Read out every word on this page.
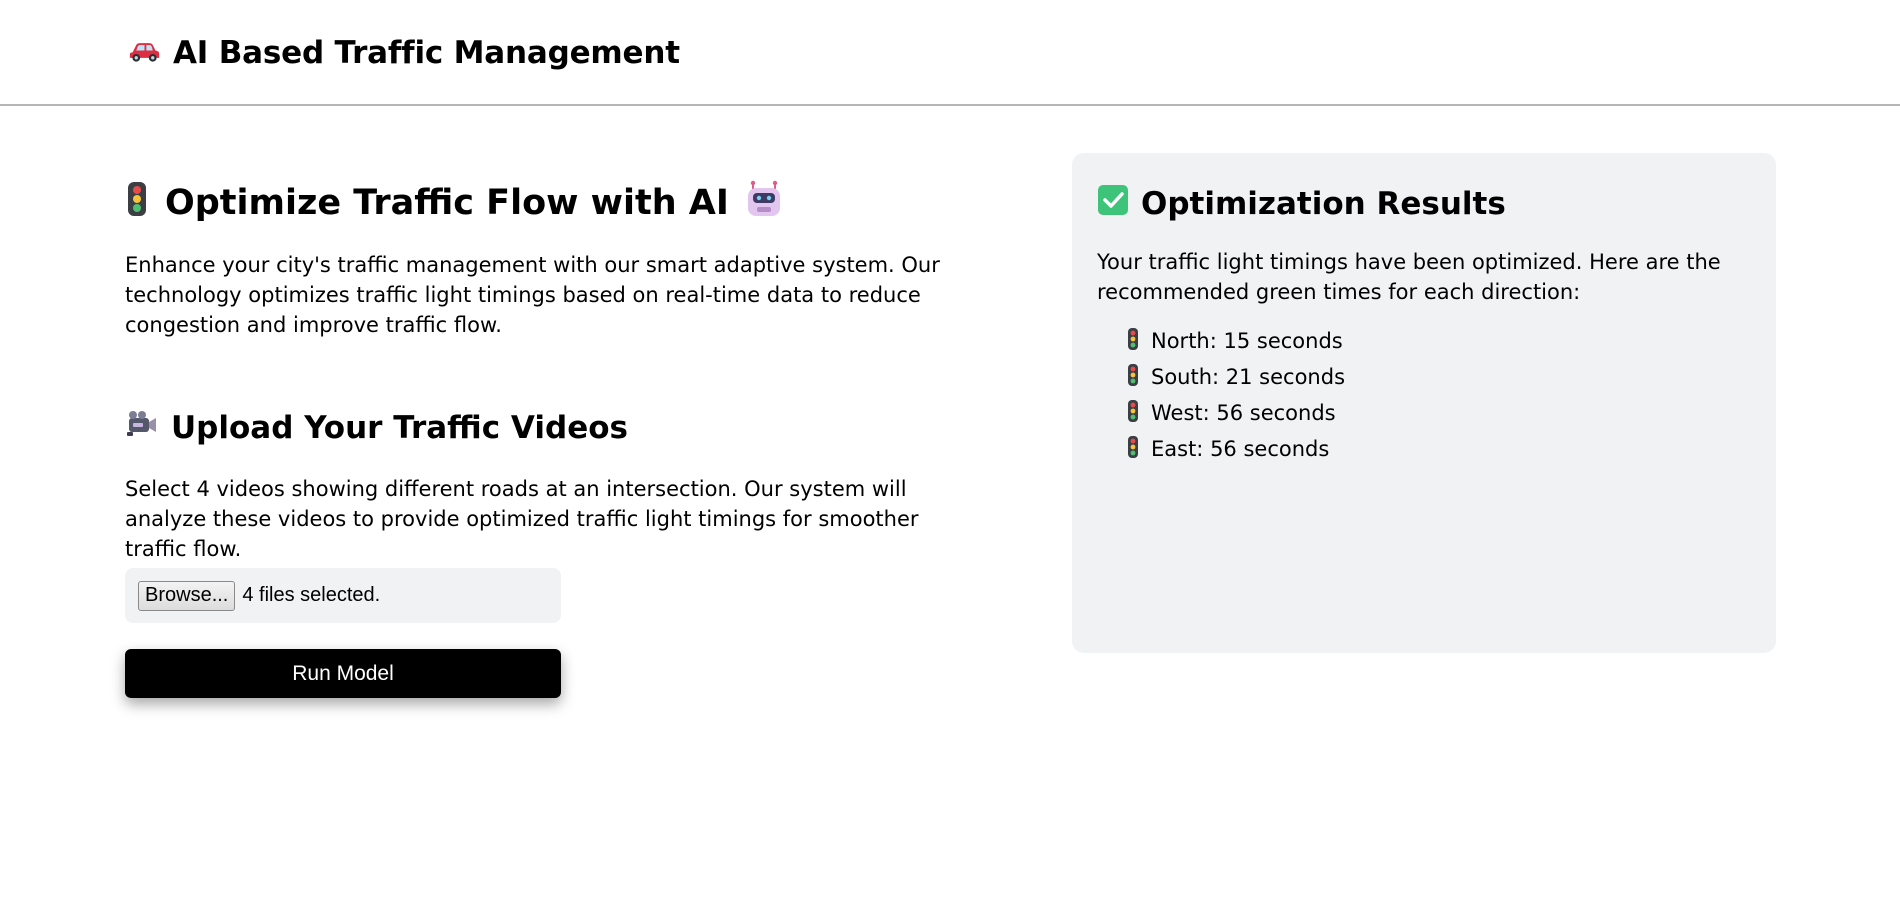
AI Based Traffic Management
Optimize Traffic Flow with AI

Enhance your city's traffic management with our smart adaptive system. Our technology optimizes traffic light timings based on real-time data to reduce congestion and improve traffic flow.

Upload Your Traffic Videos

Select 4 videos showing different roads at an intersection. Our system will analyze these videos to provide optimized traffic light timings for smoother traffic flow.

Browse... 4 files selected.
Run Model
Optimization Results

Your traffic light timings have been optimized. Here are the recommended green times for each direction:

North: 15 seconds
South: 21 seconds
West: 56 seconds
East: 56 seconds
